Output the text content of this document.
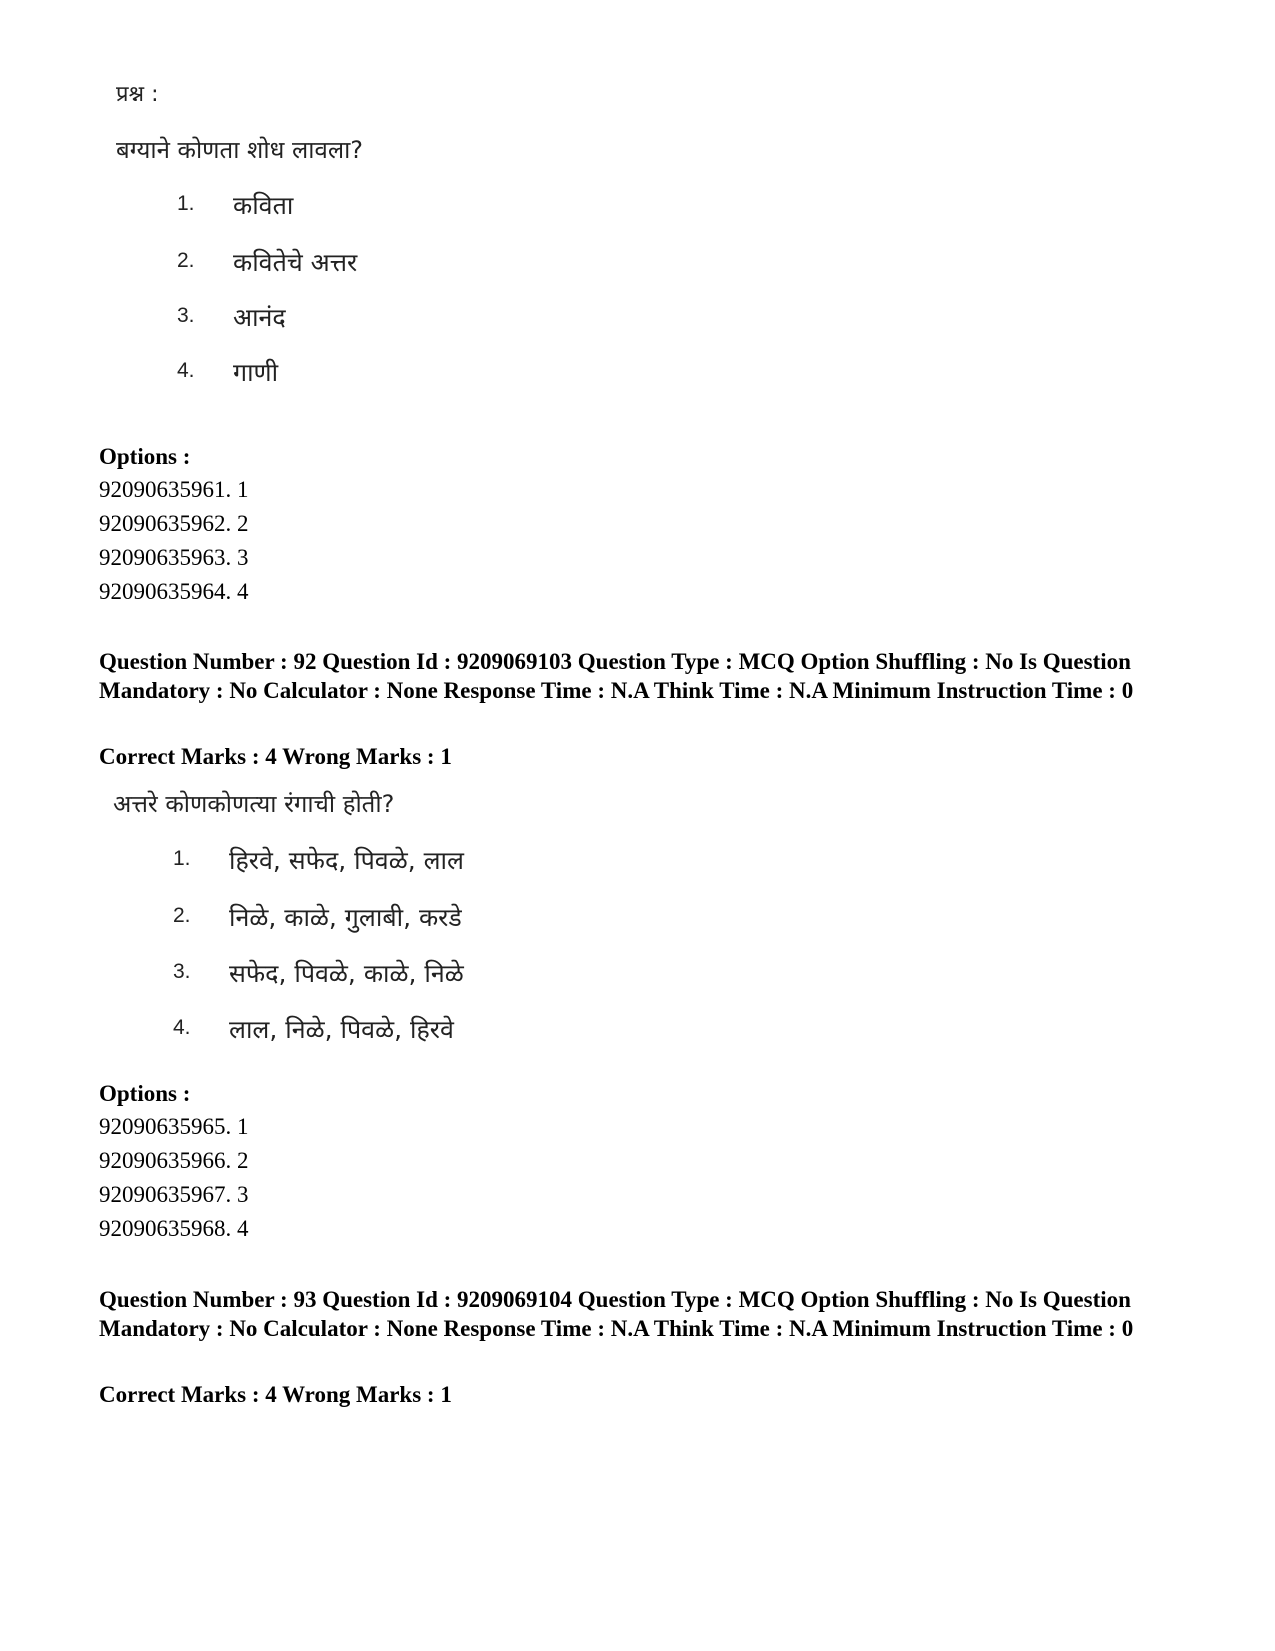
प्रश्न :
बग्याने कोणता शोध लावला?
1. कविता
2. कवितेचे अत्तर
3. आनंद
4. गाणी
Options :
92090635961. 1
92090635962. 2
92090635963. 3
92090635964. 4
Question Number : 92 Question Id : 9209069103 Question Type : MCQ Option Shuffling : No Is Question Mandatory : No Calculator : None Response Time : N.A Think Time : N.A Minimum Instruction Time : 0
Correct Marks : 4 Wrong Marks : 1
अत्तरे कोणकोणत्या रंगाची होती?
1. हिरवे, सफेद, पिवळे, लाल
2. निळे, काळे, गुलाबी, करडे
3. सफेद, पिवळे, काळे, निळे
4. लाल, निळे, पिवळे, हिरवे
Options :
92090635965. 1
92090635966. 2
92090635967. 3
92090635968. 4
Question Number : 93 Question Id : 9209069104 Question Type : MCQ Option Shuffling : No Is Question Mandatory : No Calculator : None Response Time : N.A Think Time : N.A Minimum Instruction Time : 0
Correct Marks : 4 Wrong Marks : 1
